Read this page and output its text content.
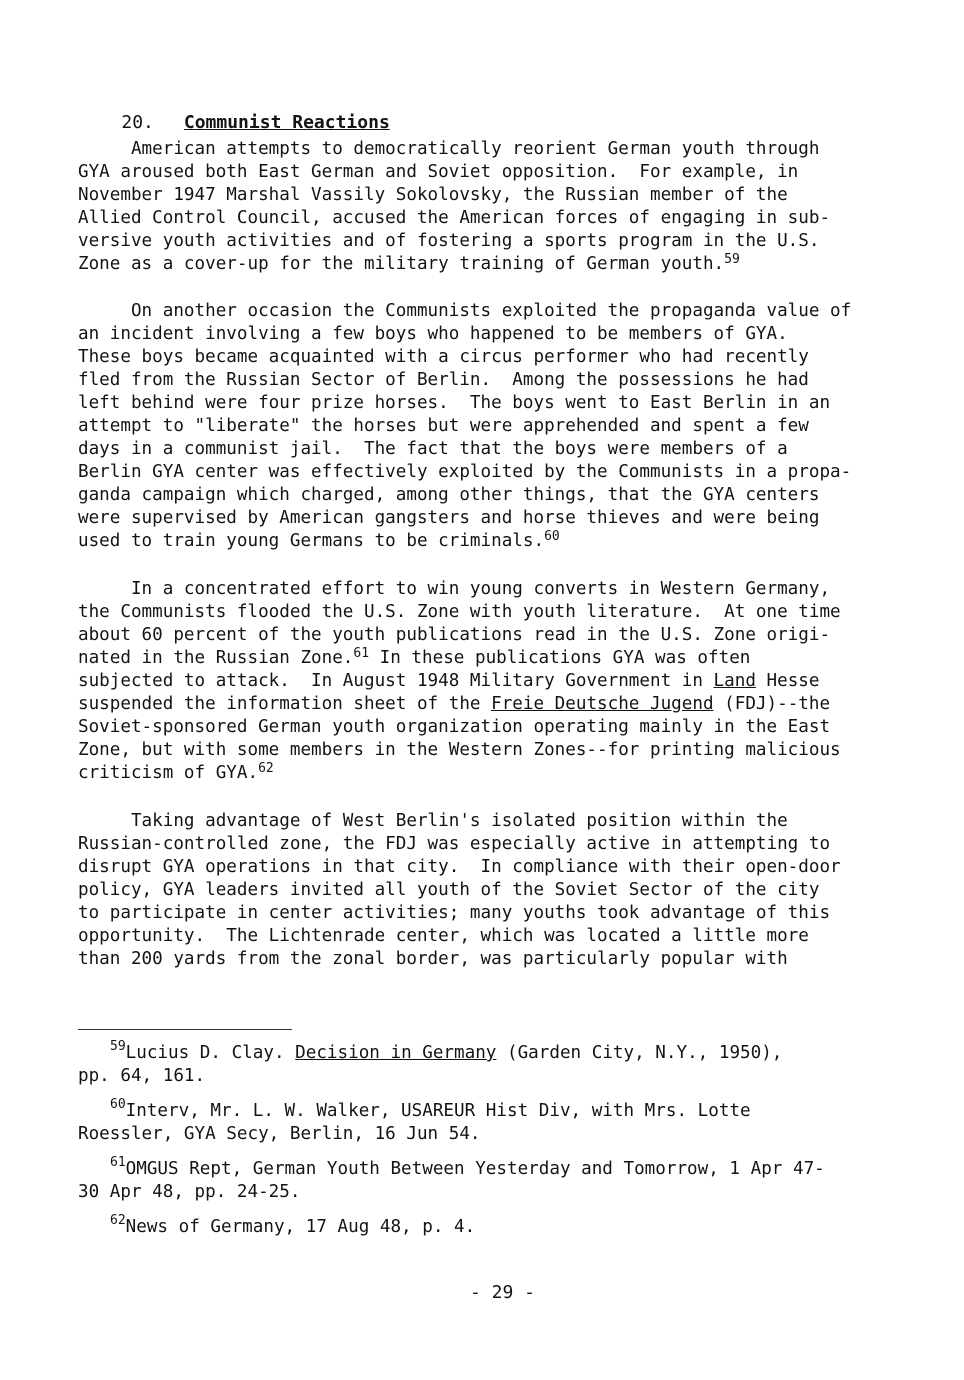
20. Communist Reactions

American attempts to democratically reorient German youth through
GYA aroused both East German and Soviet opposition.  For example, in
November 1947 Marshal Vassily Sokolovsky, the Russian member of the
Allied Control Council, accused the American forces of engaging in sub-
versive youth activities and of fostering a sports program in the U.S.
Zone as a cover-up for the military training of German youth.$^{59}$
On another occasion the Communists exploited the propaganda value of
an incident involving a few boys who happened to be members of GYA.
These boys became acquainted with a circus performer who had recently
fled from the Russian Sector of Berlin.  Among the possessions he had
left behind were four prize horses.  The boys went to East Berlin in an
attempt to "liberate" the horses but were apprehended and spent a few
days in a communist jail.  The fact that the boys were members of a
Berlin GYA center was effectively exploited by the Communists in a propa-
ganda campaign which charged, among other things, that the GYA centers
were supervised by American gangsters and horse thieves and were being
used to train young Germans to be criminals.$^{60}$
In a concentrated effort to win young converts in Western Germany,
the Communists flooded the U.S. Zone with youth literature.  At one time
about 60 percent of the youth publications read in the U.S. Zone origi-
nated in the Russian Zone.$^{61}$ In these publications GYA was often
subjected to attack.  In August 1948 Military Government in Land Hesse
suspended the information sheet of the Freie Deutsche Jugend (FDJ)--the
Soviet-sponsored German youth organization operating mainly in the East
Zone, but with some members in the Western Zones--for printing malicious
criticism of GYA.$^{62}$
Taking advantage of West Berlin's isolated position within the
Russian-controlled zone, the FDJ was especially active in attempting to
disrupt GYA operations in that city.  In compliance with their open-door
policy, GYA leaders invited all youth of the Soviet Sector of the city
to participate in center activities; many youths took advantage of this
opportunity.  The Lichtenrade center, which was located a little more
than 200 yards from the zonal border, was particularly popular with
$^{59}$Lucius D. Clay. Decision in Germany (Garden City, N.Y., 1950),
pp. 64, 161.
$^{60}$Interv, Mr. L. W. Walker, USAREUR Hist Div, with Mrs. Lotte
Roessler, GYA Secy, Berlin, 16 Jun 54.
$^{61}$OMGUS Rept, German Youth Between Yesterday and Tomorrow, 1 Apr 47-
30 Apr 48, pp. 24-25.
$^{62}$News of Germany, 17 Aug 48, p. 4.
- 29 -
